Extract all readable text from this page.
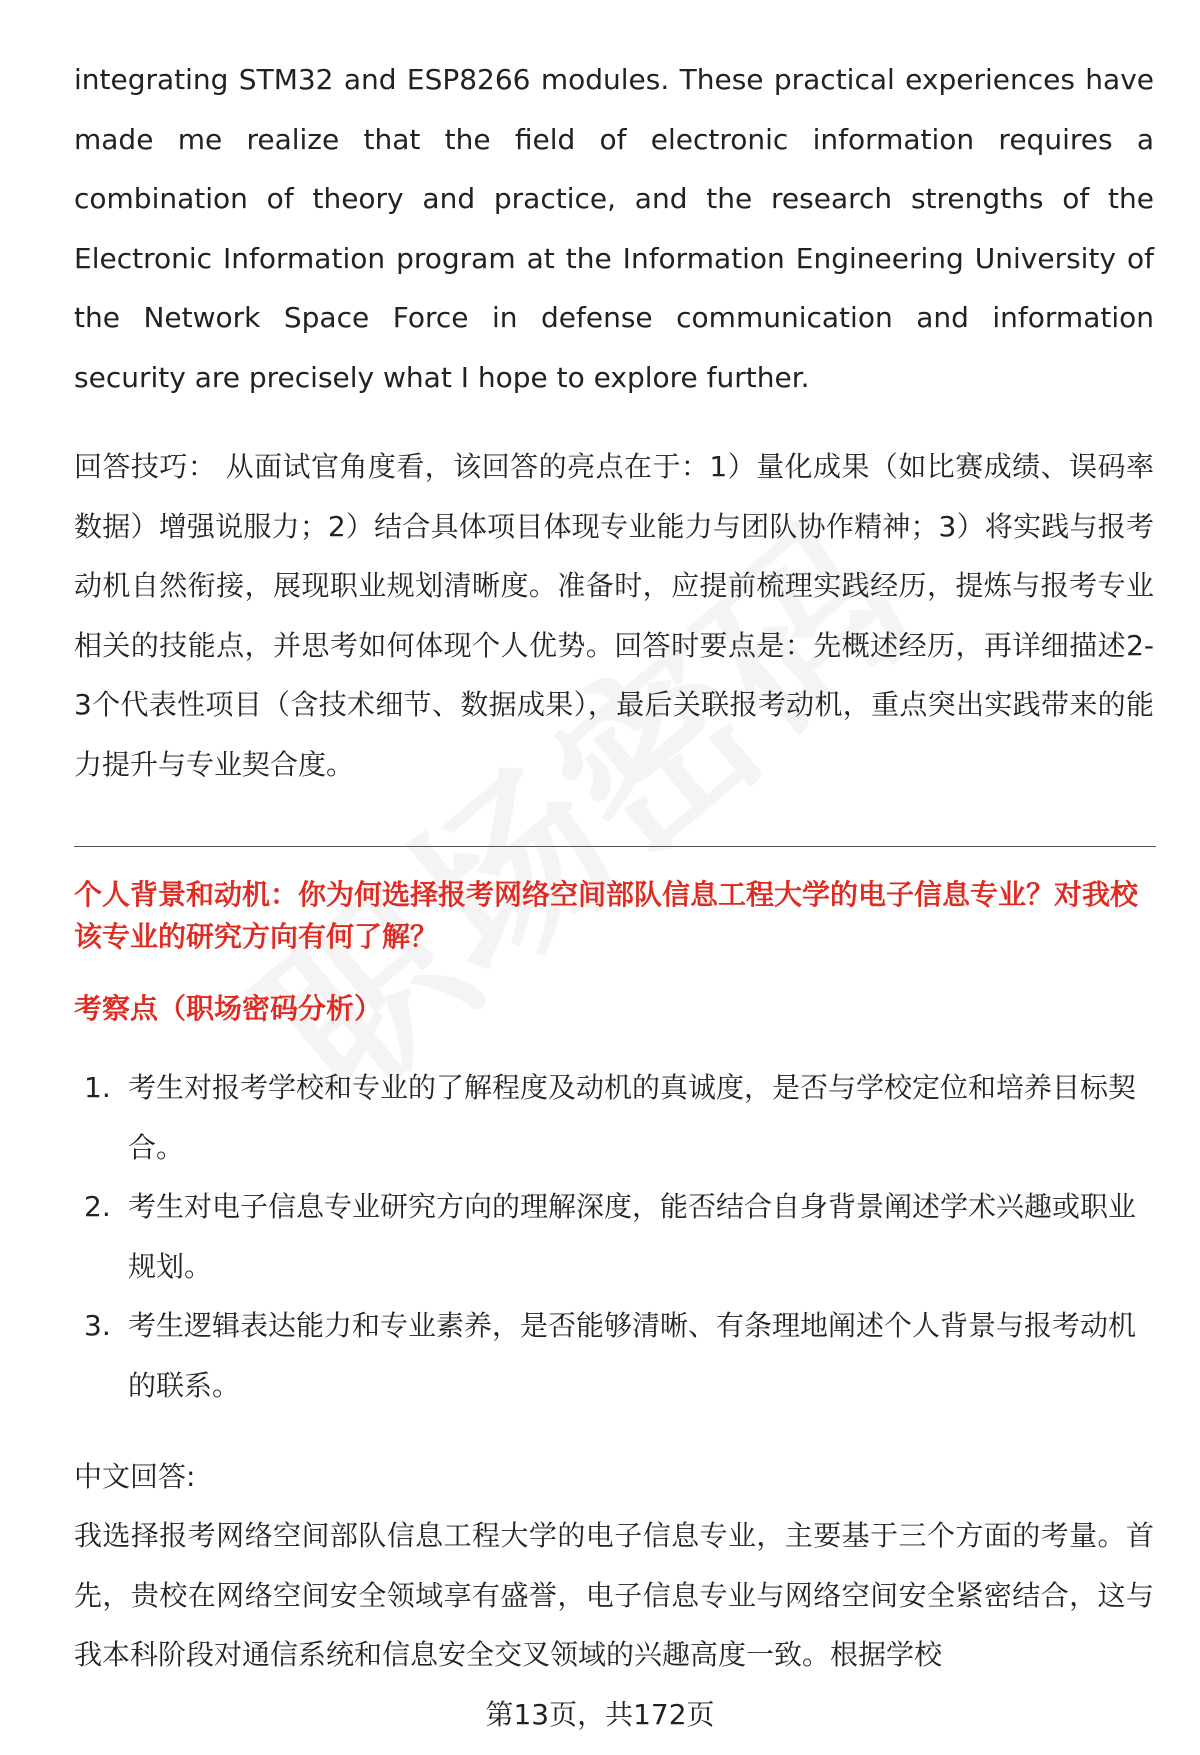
integrating STM32 and ESP8266 modules. These practical experiences have made me realize that the field of electronic information requires a combination of theory and practice, and the research strengths of the Electronic Information program at the Information Engineering University of the Network Space Force in defense communication and information security are precisely what I hope to explore further.

回答技巧： 从面试官角度看，该回答的亮点在于：1）量化成果（如比赛成绩、误码率数据）增强说服力；2）结合具体项目体现专业能力与团队协作精神；3）将实践与报考动机自然衔接，展现职业规划清晰度。准备时，应提前梳理实践经历，提炼与报考专业相关的技能点，并思考如何体现个人优势。回答时要点是：先概述经历，再详细描述2-3个代表性项目（含技术细节、数据成果），最后关联报考动机，重点突出实践带来的能力提升与专业契合度。

个人背景和动机：你为何选择报考网络空间部队信息工程大学的电子信息专业？对我校该专业的研究方向有何了解？

考察点（职场密码分析）

1. 考生对报考学校和专业的了解程度及动机的真诚度，是否与学校定位和培养目标契合。
2. 考生对电子信息专业研究方向的理解深度，能否结合自身背景阐述学术兴趣或职业规划。
3. 考生逻辑表达能力和专业素养，是否能够清晰、有条理地阐述个人背景与报考动机的联系。

中文回答:

我选择报考网络空间部队信息工程大学的电子信息专业，主要基于三个方面的考量。首先，贵校在网络空间安全领域享有盛誉，电子信息专业与网络空间安全紧密结合，这与我本科阶段对通信系统和信息安全交叉领域的兴趣高度一致。根据学校

第13页，共172页
